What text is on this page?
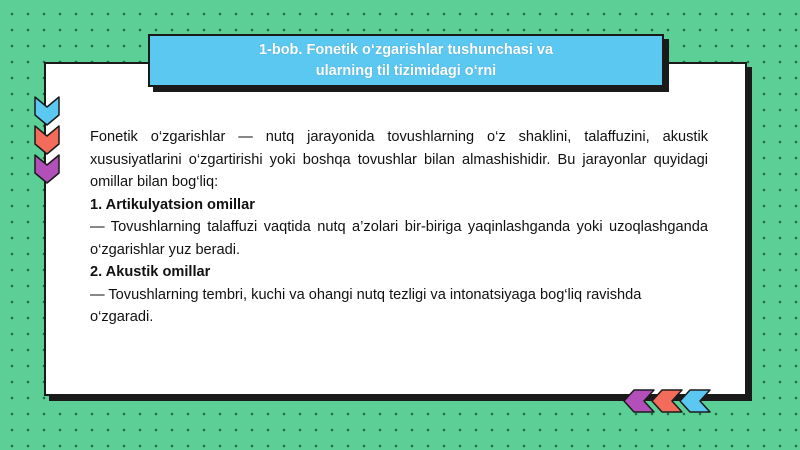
1-bob. Fonetik o‘zgarishlar tushunchasi va
ularning til tizimidagi o‘rni

Fonetik o‘zgarishlar — nutq jarayonida tovushlarning o‘z shaklini, talaffuzini, akustik xususiyatlarini o‘zgartirishi yoki boshqa tovushlar bilan almashishidir. Bu jarayonlar quyidagi omillar bilan bog‘liq:

1. Artikulyatsion omillar

— Tovushlarning talaffuzi vaqtida nutq a’zolari bir-biriga yaqinlashganda yoki uzoqlashganda o‘zgarishlar yuz beradi.

2. Akustik omillar

— Tovushlarning tembri, kuchi va ohangi nutq tezligi va intonatsiyaga bog‘liq ravishda o‘zgaradi.
